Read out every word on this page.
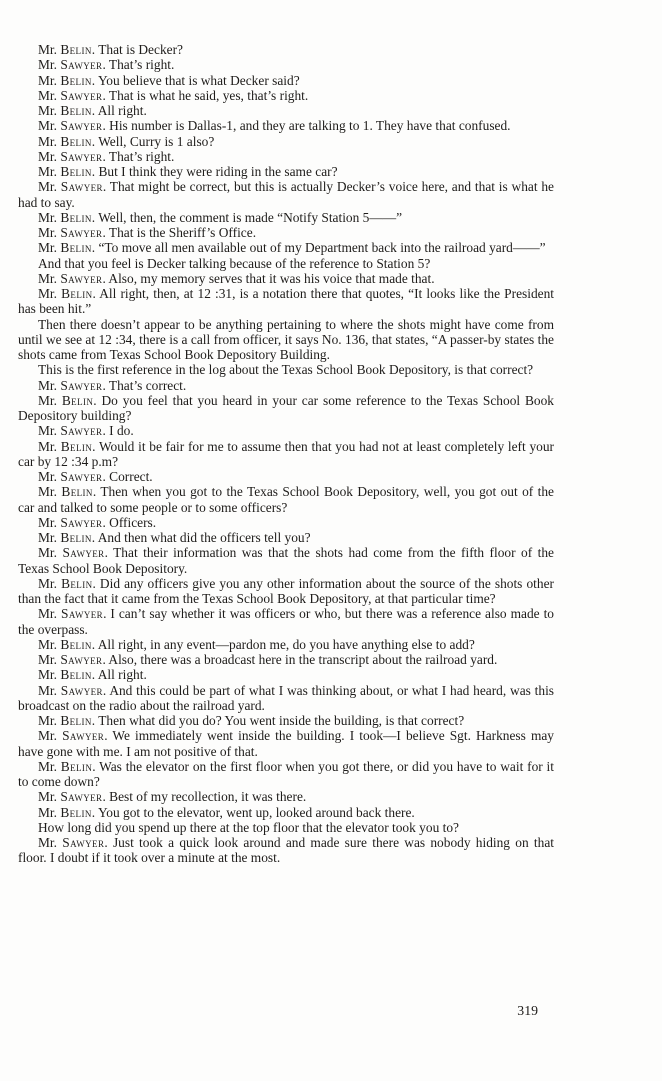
Mr. Belin. That is Decker?

Mr. Sawyer. That’s right.

Mr. Belin. You believe that is what Decker said?

Mr. Sawyer. That is what he said, yes, that’s right.

Mr. Belin. All right.

Mr. Sawyer. His number is Dallas-1, and they are talking to 1. They have that confused.

Mr. Belin. Well, Curry is 1 also?

Mr. Sawyer. That’s right.

Mr. Belin. But I think they were riding in the same car?

Mr. Sawyer. That might be correct, but this is actually Decker’s voice here, and that is what he had to say.

Mr. Belin. Well, then, the comment is made “Notify Station 5——”

Mr. Sawyer. That is the Sheriff’s Office.

Mr. Belin. “To move all men available out of my Department back into the railroad yard——”

And that you feel is Decker talking because of the reference to Station 5?

Mr. Sawyer. Also, my memory serves that it was his voice that made that.

Mr. Belin. All right, then, at 12 :31, is a notation there that quotes, “It looks like the President has been hit.”

Then there doesn’t appear to be anything pertaining to where the shots might have come from until we see at 12 :34, there is a call from officer, it says No. 136, that states, “A passer-by states the shots came from Texas School Book Depository Building.

This is the first reference in the log about the Texas School Book Depository, is that correct?

Mr. Sawyer. That’s correct.

Mr. Belin. Do you feel that you heard in your car some reference to the Texas School Book Depository building?

Mr. Sawyer. I do.

Mr. Belin. Would it be fair for me to assume then that you had not at least completely left your car by 12 :34 p.m?

Mr. Sawyer. Correct.

Mr. Belin. Then when you got to the Texas School Book Depository, well, you got out of the car and talked to some people or to some officers?

Mr. Sawyer. Officers.

Mr. Belin. And then what did the officers tell you?

Mr. Sawyer. That their information was that the shots had come from the fifth floor of the Texas School Book Depository.

Mr. Belin. Did any officers give you any other information about the source of the shots other than the fact that it came from the Texas School Book Depository, at that particular time?

Mr. Sawyer. I can’t say whether it was officers or who, but there was a reference also made to the overpass.

Mr. Belin. All right, in any event—pardon me, do you have anything else to add?

Mr. Sawyer. Also, there was a broadcast here in the transcript about the railroad yard.

Mr. Belin. All right.

Mr. Sawyer. And this could be part of what I was thinking about, or what I had heard, was this broadcast on the radio about the railroad yard.

Mr. Belin. Then what did you do? You went inside the building, is that correct?

Mr. Sawyer. We immediately went inside the building. I took—I believe Sgt. Harkness may have gone with me. I am not positive of that.

Mr. Belin. Was the elevator on the first floor when you got there, or did you have to wait for it to come down?

Mr. Sawyer. Best of my recollection, it was there.

Mr. Belin. You got to the elevator, went up, looked around back there.

How long did you spend up there at the top floor that the elevator took you to?

Mr. Sawyer. Just took a quick look around and made sure there was nobody hiding on that floor. I doubt if it took over a minute at the most.

319
